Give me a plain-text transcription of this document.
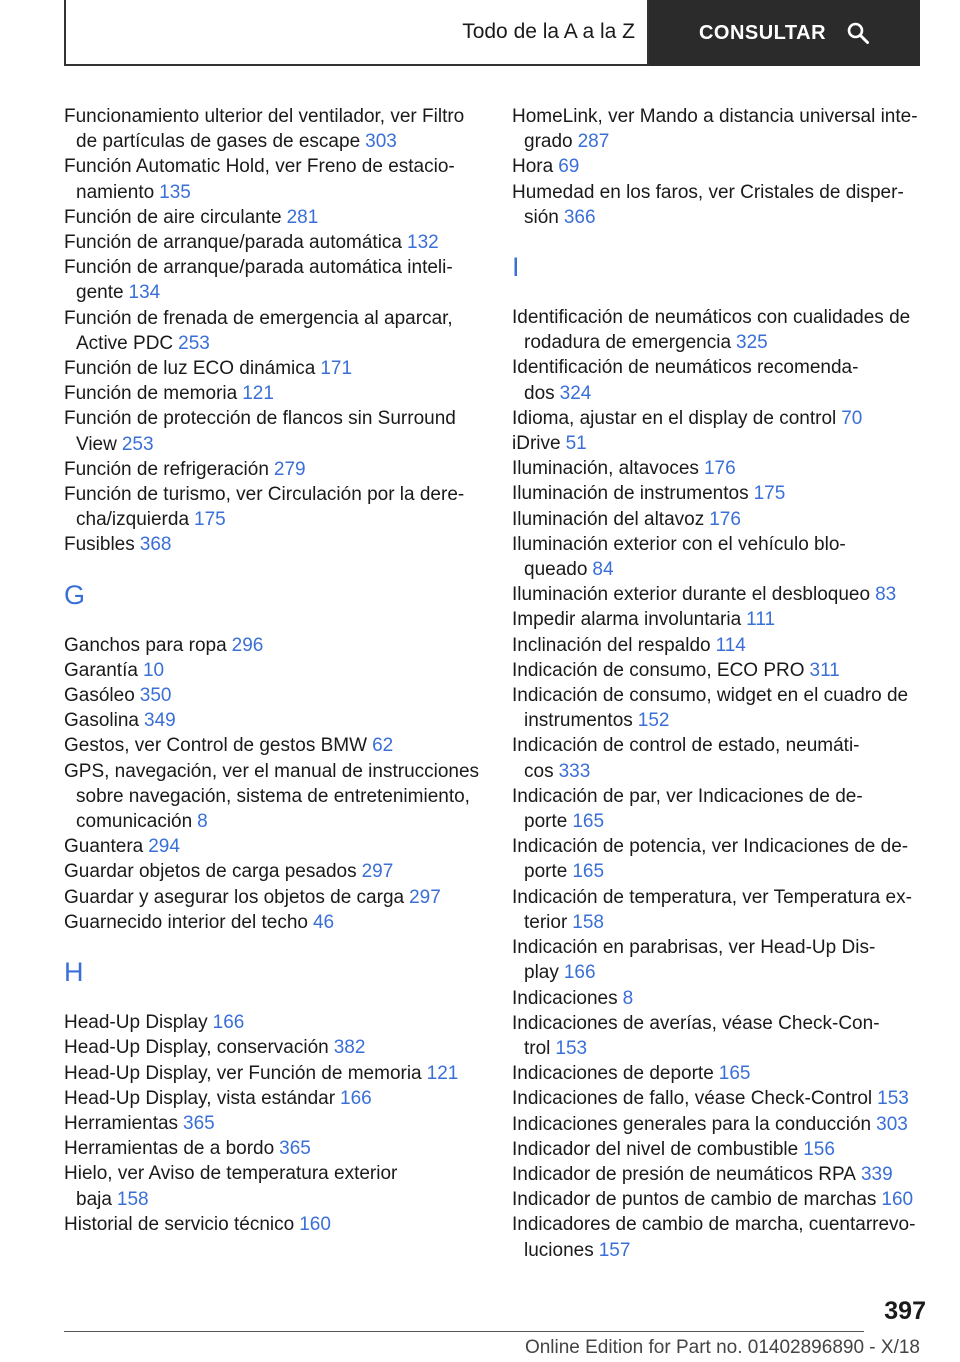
Todo de la A a la Z	CONSULTAR
Funcionamiento ulterior del ventilador, ver Filtro
de partículas de gases de escape 303
Función Automatic Hold, ver Freno de estacio-
namiento 135
Función de aire circulante 281
Función de arranque/parada automática 132
Función de arranque/parada automática inteli-
gente 134
Función de frenada de emergencia al aparcar,
Active PDC 253
Función de luz ECO dinámica 171
Función de memoria 121
Función de protección de flancos sin Surround
View 253
Función de refrigeración 279
Función de turismo, ver Circulación por la dere-
cha/izquierda 175
Fusibles 368
G
Ganchos para ropa 296
Garantía 10
Gasóleo 350
Gasolina 349
Gestos, ver Control de gestos BMW 62
GPS, navegación, ver el manual de instrucciones
sobre navegación, sistema de entretenimiento,
comunicación 8
Guantera 294
Guardar objetos de carga pesados 297
Guardar y asegurar los objetos de carga 297
Guarnecido interior del techo 46
H
Head-Up Display 166
Head-Up Display, conservación 382
Head-Up Display, ver Función de memoria 121
Head-Up Display, vista estándar 166
Herramientas 365
Herramientas de a bordo 365
Hielo, ver Aviso de temperatura exterior
baja 158
Historial de servicio técnico 160
HomeLink, ver Mando a distancia universal inte-
grado 287
Hora 69
Humedad en los faros, ver Cristales de disper-
sión 366
I
Identificación de neumáticos con cualidades de
rodadura de emergencia 325
Identificación de neumáticos recomenda-
dos 324
Idioma, ajustar en el display de control 70
iDrive 51
Iluminación, altavoces 176
Iluminación de instrumentos 175
Iluminación del altavoz 176
Iluminación exterior con el vehículo blo-
queado 84
Iluminación exterior durante el desbloqueo 83
Impedir alarma involuntaria 111
Inclinación del respaldo 114
Indicación de consumo, ECO PRO 311
Indicación de consumo, widget en el cuadro de
instrumentos 152
Indicación de control de estado, neumáti-
cos 333
Indicación de par, ver Indicaciones de de-
porte 165
Indicación de potencia, ver Indicaciones de de-
porte 165
Indicación de temperatura, ver Temperatura ex-
terior 158
Indicación en parabrisas, ver Head-Up Dis-
play 166
Indicaciones 8
Indicaciones de averías, véase Check-Con-
trol 153
Indicaciones de deporte 165
Indicaciones de fallo, véase Check-Control 153
Indicaciones generales para la conducción 303
Indicador del nivel de combustible 156
Indicador de presión de neumáticos RPA 339
Indicador de puntos de cambio de marchas 160
Indicadores de cambio de marcha, cuentarrevo-
luciones 157
397
Online Edition for Part no. 01402896890 - X/18
